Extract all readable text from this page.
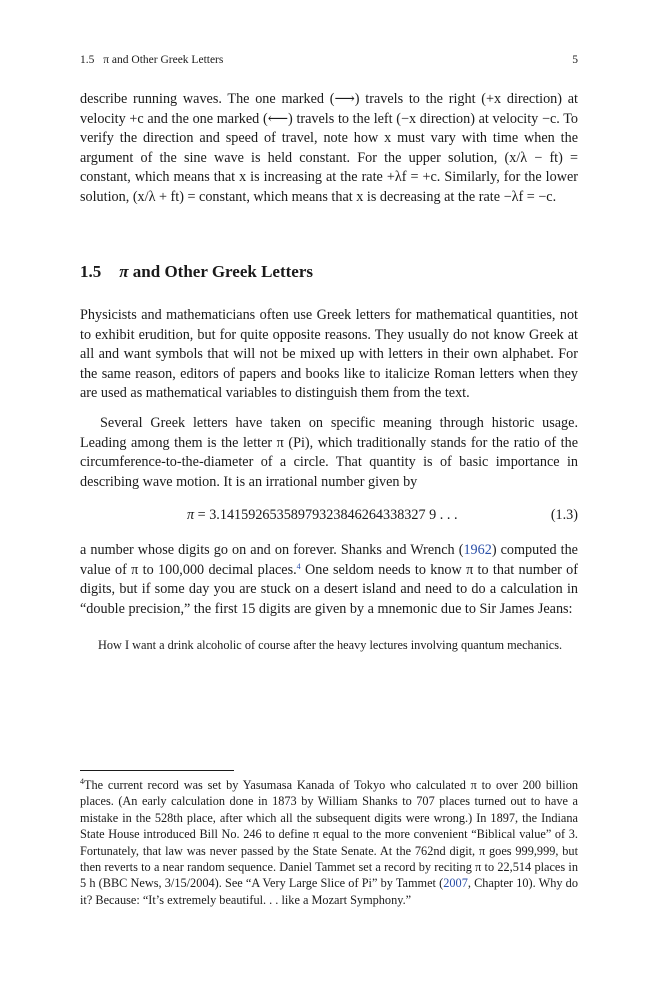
1.5 π and Other Greek Letters	5

describe running waves. The one marked (⟶) travels to the right (+x direction) at velocity +c and the one marked (⟵) travels to the left (−x direction) at velocity −c. To verify the direction and speed of travel, note how x must vary with time when the argument of the sine wave is held constant. For the upper solution, (x/λ − ft) = constant, which means that x is increasing at the rate +λf = +c. Similarly, for the lower solution, (x/λ + ft) = constant, which means that x is decreasing at the rate −λf = −c.

1.5 π and Other Greek Letters

Physicists and mathematicians often use Greek letters for mathematical quantities, not to exhibit erudition, but for quite opposite reasons. They usually do not know Greek at all and want symbols that will not be mixed up with letters in their own alphabet. For the same reason, editors of papers and books like to italicize Roman letters when they are used as mathematical variables to distinguish them from the text.

Several Greek letters have taken on specific meaning through historic usage. Leading among them is the letter π (Pi), which traditionally stands for the ratio of the circumference-to-the-diameter of a circle. That quantity is of basic importance in describing wave motion. It is an irrational number given by

π = 3.14159265358979323846264338327 9 . . .	(1.3)

a number whose digits go on and on forever. Shanks and Wrench (1962) computed the value of π to 100,000 decimal places.$^4$ One seldom needs to know π to that number of digits, but if some day you are stuck on a desert island and need to do a calculation in “double precision,” the first 15 digits are given by a mnemonic due to Sir James Jeans:

How I want a drink alcoholic of course after the heavy lectures involving quantum mechanics.
$^4$The current record was set by Yasumasa Kanada of Tokyo who calculated π to over 200 billion places. (An early calculation done in 1873 by William Shanks to 707 places turned out to have a mistake in the 528th place, after which all the subsequent digits were wrong.) In 1897, the Indiana State House introduced Bill No. 246 to define π equal to the more convenient “Biblical value” of 3. Fortunately, that law was never passed by the State Senate. At the 762nd digit, π goes 999,999, but then reverts to a near random sequence. Daniel Tammet set a record by reciting π to 22,514 places in 5 h (BBC News, 3/15/2004). See “A Very Large Slice of Pi” by Tammet (2007, Chapter 10). Why do it? Because: “It’s extremely beautiful. . . like a Mozart Symphony.”
